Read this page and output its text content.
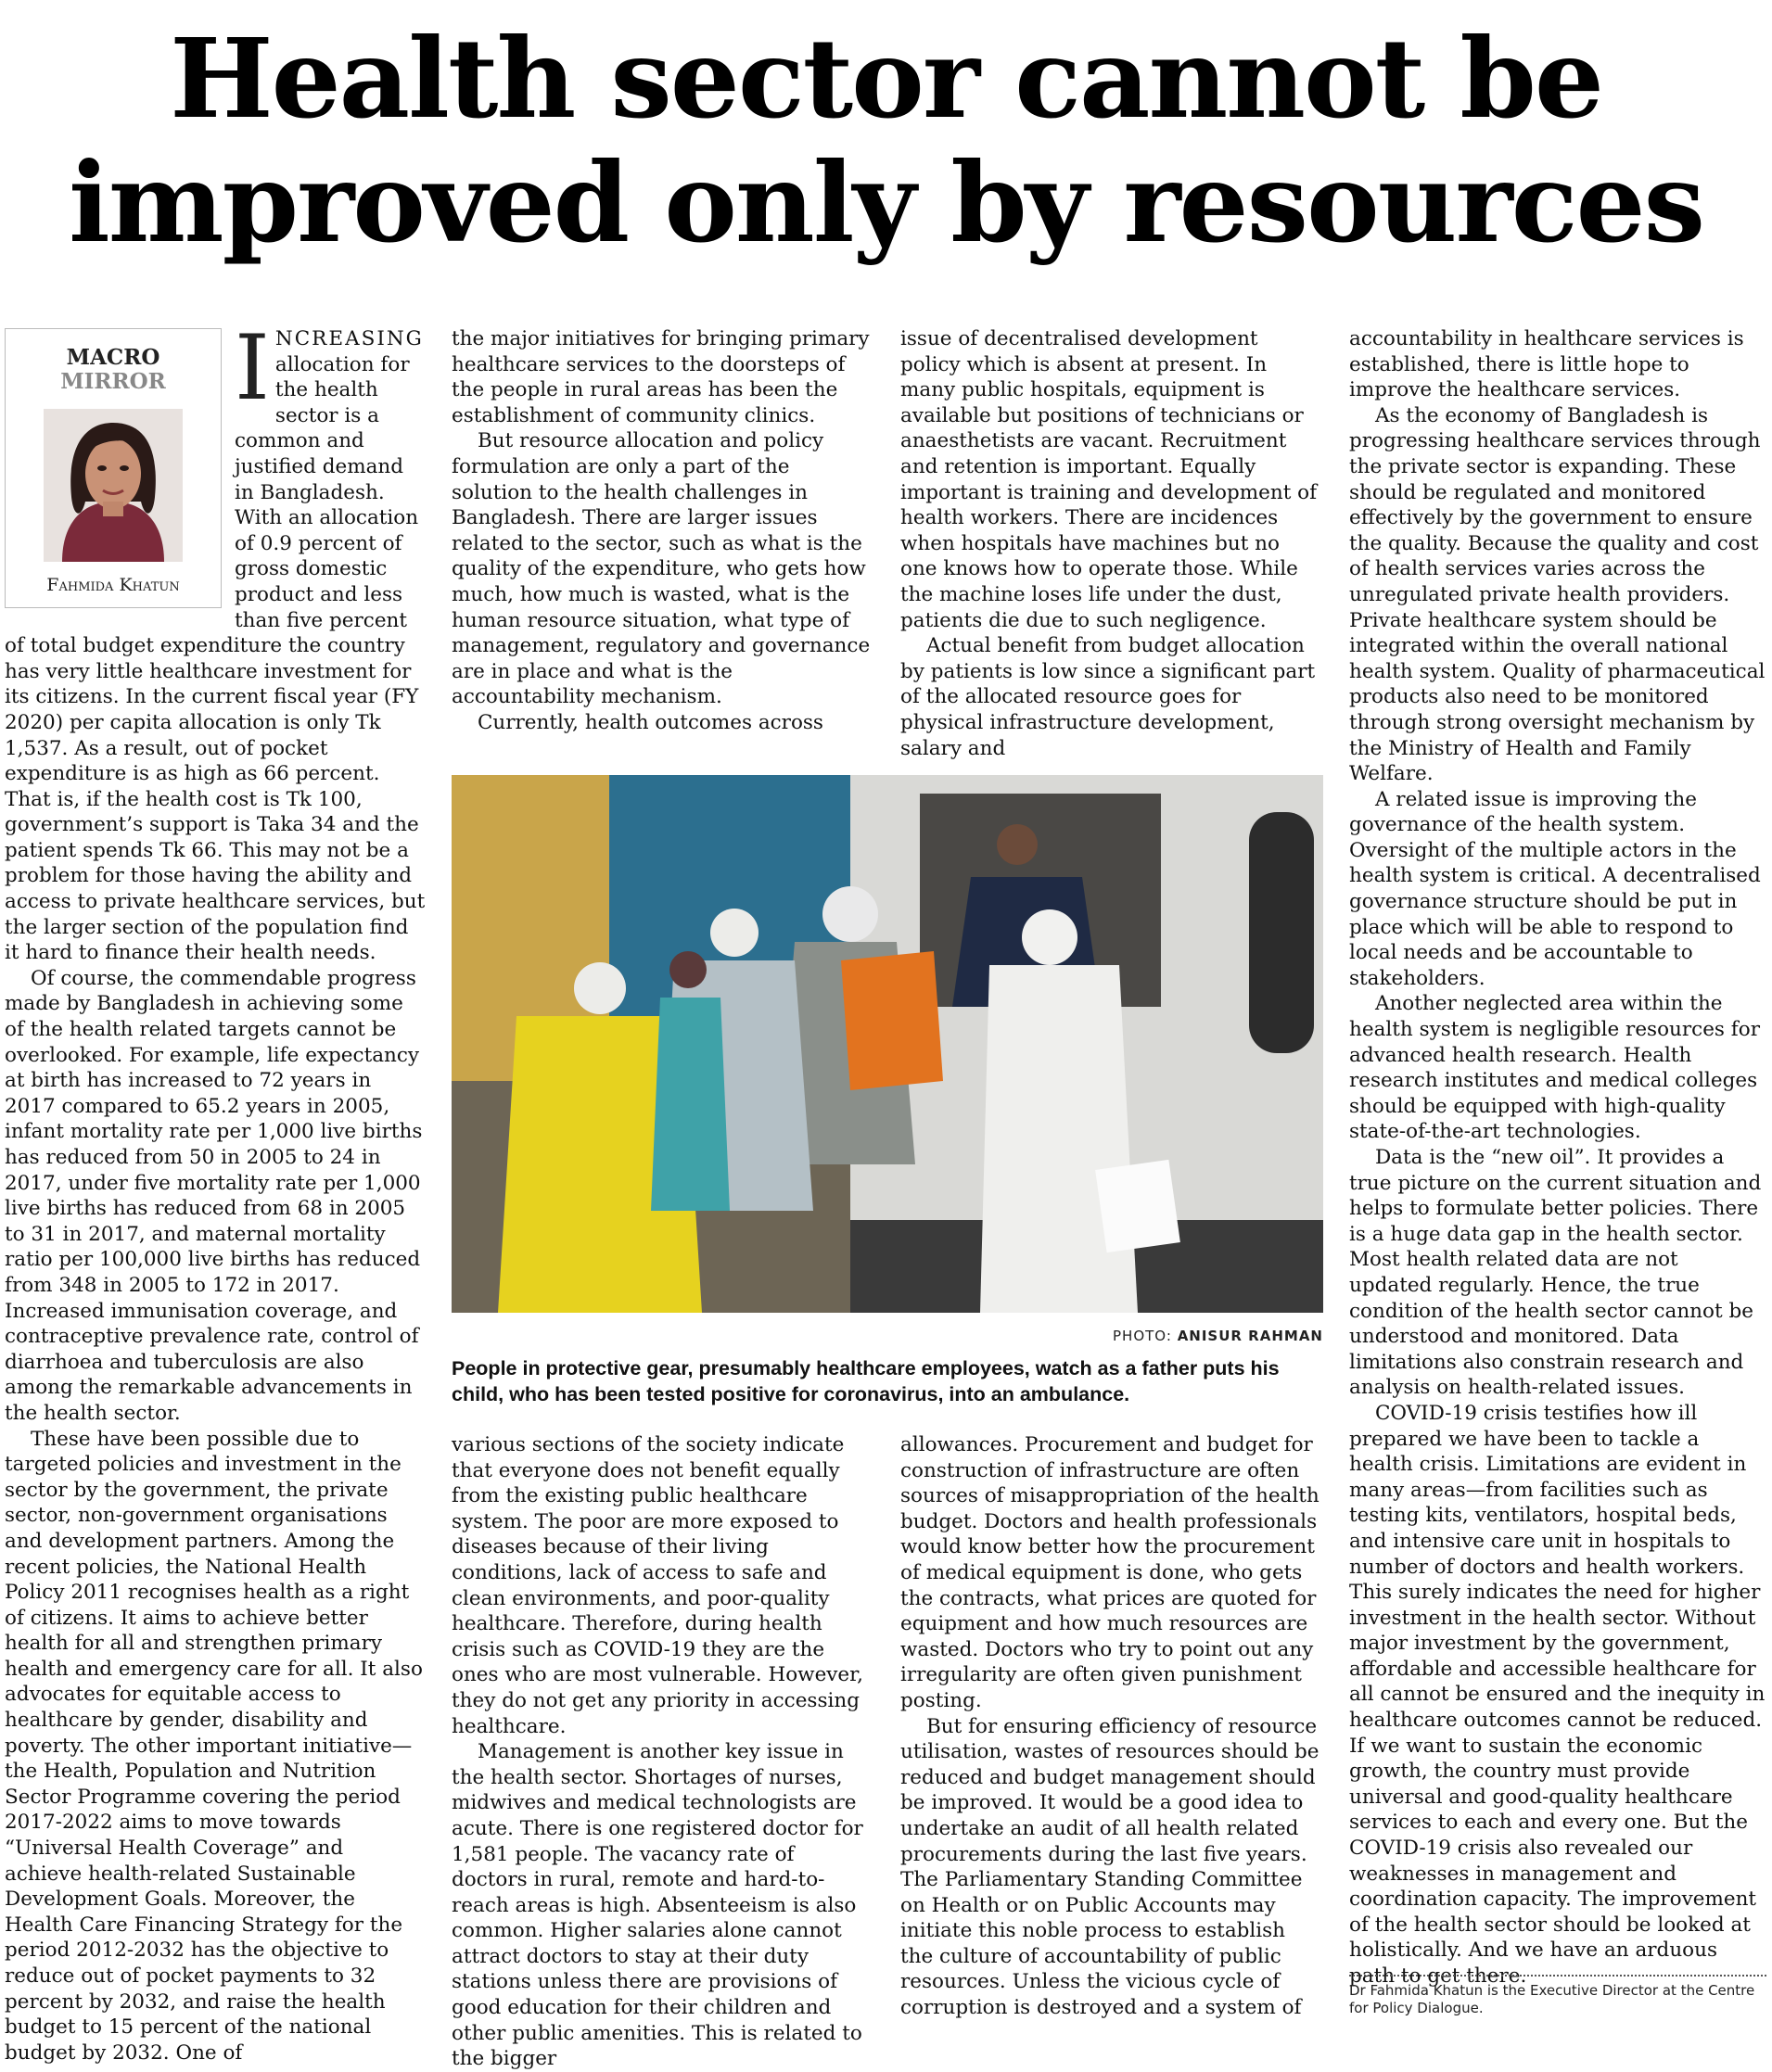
Health sector cannot be
improved only by resources
MACRO
MIRROR
Fahmida Khatun

INCREASING allocation for the health sector is a common and justified demand in Bangladesh. With an allocation of 0.9 percent of gross domestic product and less than five percent of total budget expenditure the country has very little healthcare investment for its citizens. In the current fiscal year (FY 2020) per capita allocation is only Tk 1,537. As a result, out of pocket expenditure is as high as 66 percent. That is, if the health cost is Tk 100, government’s support is Taka 34 and the patient spends Tk 66. This may not be a problem for those having the ability and access to private healthcare services, but the larger section of the population find it hard to finance their health needs.

Of course, the commendable progress made by Bangladesh in achieving some of the health related targets cannot be overlooked. For example, life expectancy at birth has increased to 72 years in 2017 compared to 65.2 years in 2005, infant mortality rate per 1,000 live births has reduced from 50 in 2005 to 24 in 2017, under five mortality rate per 1,000 live births has reduced from 68 in 2005 to 31 in 2017, and maternal mortality ratio per 100,000 live births has reduced from 348 in 2005 to 172 in 2017. Increased immunisation coverage, and contraceptive prevalence rate, control of diarrhoea and tuberculosis are also among the remarkable advancements in the health sector.

These have been possible due to targeted policies and investment in the sector by the government, the private sector, non-government organisations and development partners. Among the recent policies, the National Health Policy 2011 recognises health as a right of citizens. It aims to achieve better health for all and strengthen primary health and emergency care for all. It also advocates for equitable access to healthcare by gender, disability and poverty. The other important initiative—the Health, Population and Nutrition Sector Programme covering the period 2017-2022 aims to move towards “Universal Health Coverage” and achieve health-related Sustainable Development Goals. Moreover, the Health Care Financing Strategy for the period 2012-2032 has the objective to reduce out of pocket payments to 32 percent by 2032, and raise the health budget to 15 percent of the national budget by 2032. One of

the major initiatives for bringing primary healthcare services to the doorsteps of the people in rural areas has been the establishment of community clinics.

But resource allocation and policy formulation are only a part of the solution to the health challenges in Bangladesh. There are larger issues related to the sector, such as what is the quality of the expenditure, who gets how much, how much is wasted, what is the human resource situation, what type of management, regulatory and governance are in place and what is the accountability mechanism.

Currently, health outcomes across

issue of decentralised development policy which is absent at present. In many public hospitals, equipment is available but positions of technicians or anaesthetists are vacant. Recruitment and retention is important. Equally important is training and development of health workers. There are incidences when hospitals have machines but no one knows how to operate those. While the machine loses life under the dust, patients die due to such negligence.

Actual benefit from budget allocation by patients is low since a significant part of the allocated resource goes for physical infrastructure development, salary and

accountability in healthcare services is established, there is little hope to improve the healthcare services.

As the economy of Bangladesh is progressing healthcare services through the private sector is expanding. These should be regulated and monitored effectively by the government to ensure the quality. Because the quality and cost of health services varies across the unregulated private health providers. Private healthcare system should be integrated within the overall national health system. Quality of pharmaceutical products also need to be monitored through strong oversight mechanism by the Ministry of Health and Family Welfare.

A related issue is improving the governance of the health system. Oversight of the multiple actors in the health system is critical. A decentralised governance structure should be put in place which will be able to respond to local needs and be accountable to stakeholders.

Another neglected area within the health system is negligible resources for advanced health research. Health research institutes and medical colleges should be equipped with high-quality state-of-the-art technologies.

Data is the “new oil”. It provides a true picture on the current situation and helps to formulate better policies. There is a huge data gap in the health sector. Most health related data are not updated regularly. Hence, the true condition of the health sector cannot be understood and monitored. Data limitations also constrain research and analysis on health-related issues.

COVID-19 crisis testifies how ill prepared we have been to tackle a health crisis. Limitations are evident in many areas—from facilities such as testing kits, ventilators, hospital beds, and intensive care unit in hospitals to number of doctors and health workers. This surely indicates the need for higher investment in the health sector. Without major investment by the government, affordable and accessible healthcare for all cannot be ensured and the inequity in healthcare outcomes cannot be reduced. If we want to sustain the economic growth, the country must provide universal and good-quality healthcare services to each and every one. But the COVID-19 crisis also revealed our weaknesses in management and coordination capacity. The improvement of the health sector should be looked at holistically. And we have an arduous path to get there.

PHOTO: ANISUR RAHMAN
People in protective gear, presumably healthcare employees, watch as a father puts his child, who has been tested positive for coronavirus, into an ambulance.

various sections of the society indicate that everyone does not benefit equally from the existing public healthcare system. The poor are more exposed to diseases because of their living conditions, lack of access to safe and clean environments, and poor-quality healthcare. Therefore, during health crisis such as COVID-19 they are the ones who are most vulnerable. However, they do not get any priority in accessing healthcare.

Management is another key issue in the health sector. Shortages of nurses, midwives and medical technologists are acute. There is one registered doctor for 1,581 people. The vacancy rate of doctors in rural, remote and hard-to-reach areas is high. Absenteeism is also common. Higher salaries alone cannot attract doctors to stay at their duty stations unless there are provisions of good education for their children and other public amenities. This is related to the bigger

allowances. Procurement and budget for construction of infrastructure are often sources of misappropriation of the health budget. Doctors and health professionals would know better how the procurement of medical equipment is done, who gets the contracts, what prices are quoted for equipment and how much resources are wasted. Doctors who try to point out any irregularity are often given punishment posting.

But for ensuring efficiency of resource utilisation, wastes of resources should be reduced and budget management should be improved. It would be a good idea to undertake an audit of all health related procurements during the last five years. The Parliamentary Standing Committee on Health or on Public Accounts may initiate this noble process to establish the culture of accountability of public resources. Unless the vicious cycle of corruption is destroyed and a system of

Dr Fahmida Khatun is the Executive Director at the Centre for Policy Dialogue.
